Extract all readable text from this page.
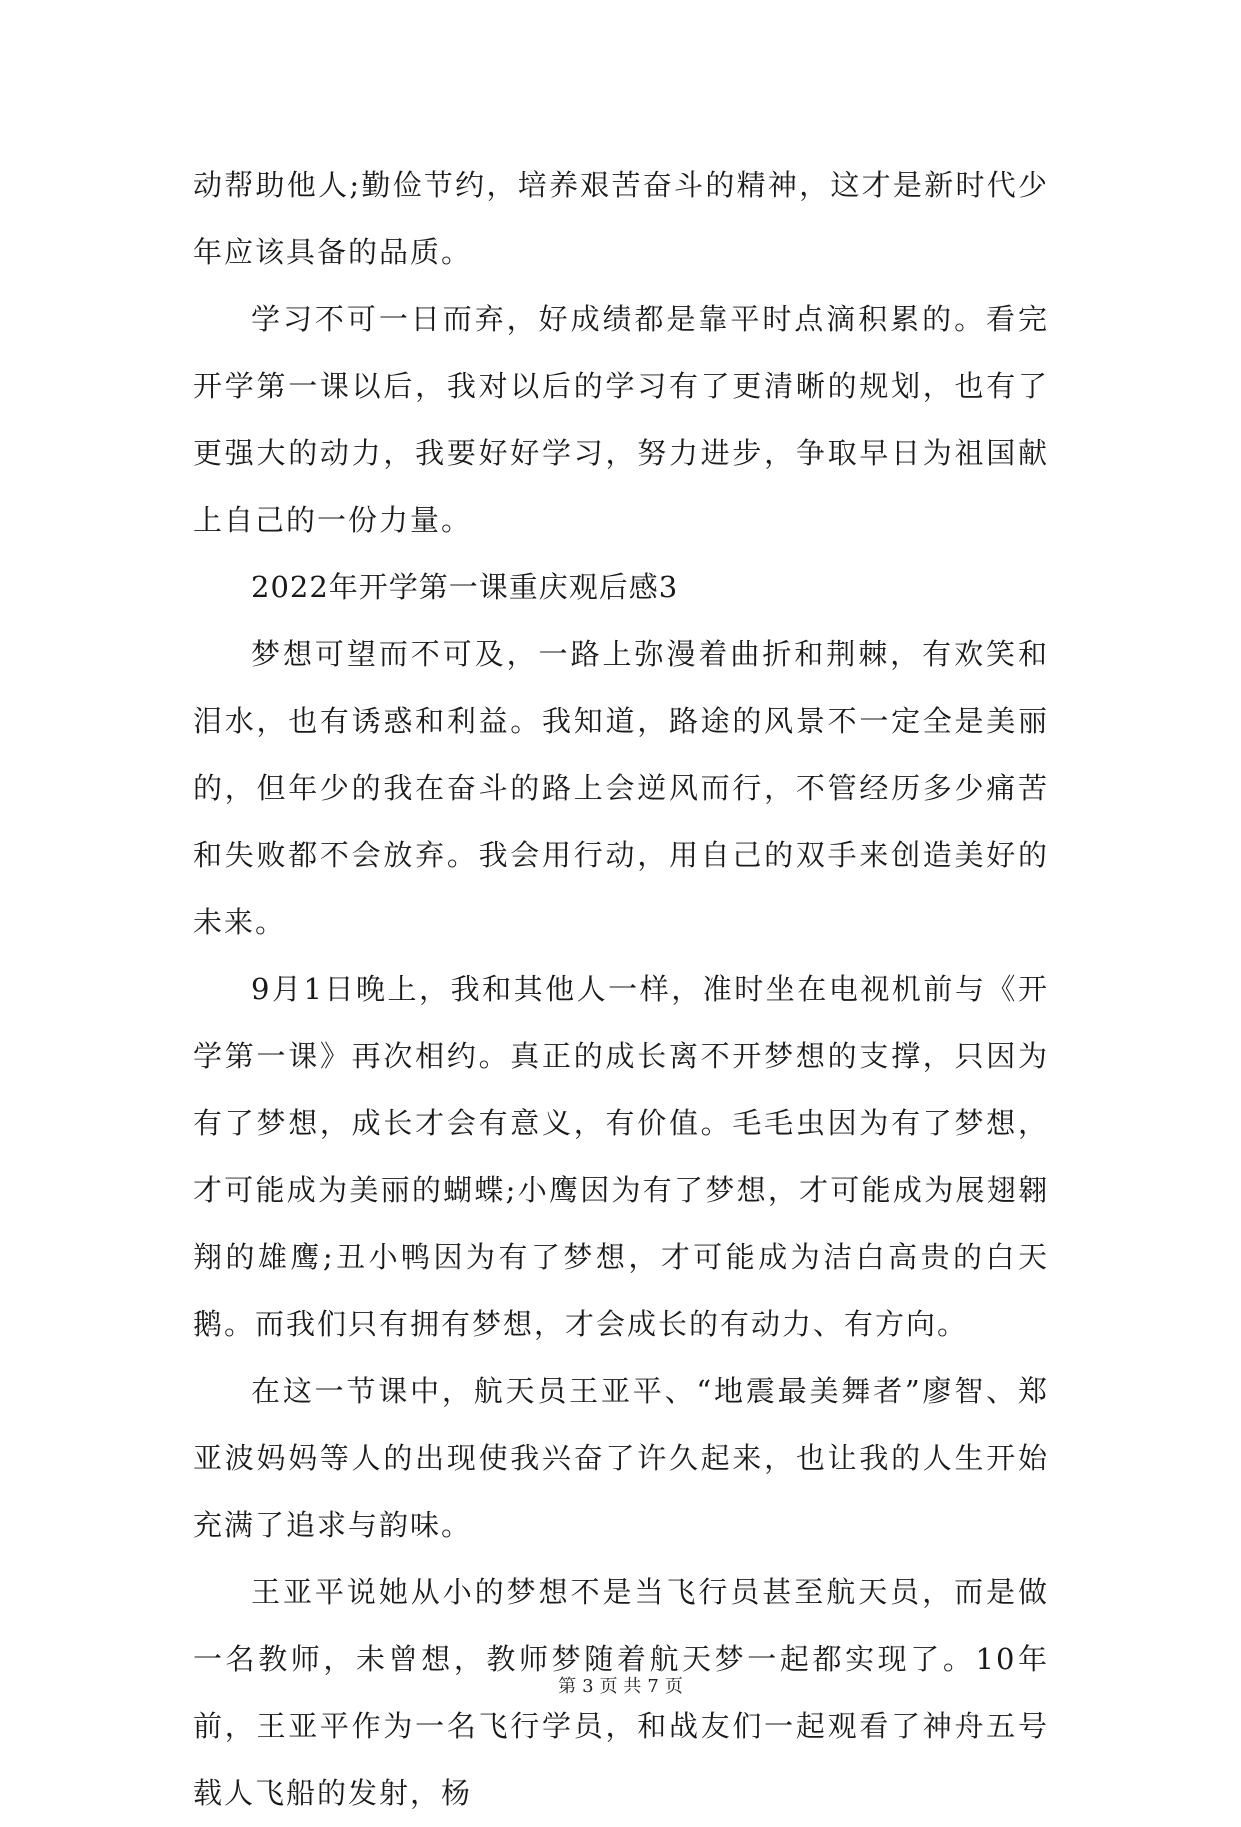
动帮助他人;勤俭节约，培养艰苦奋斗的精神，这才是新时代少年应该具备的品质。

学习不可一日而弃，好成绩都是靠平时点滴积累的。看完开学第一课以后，我对以后的学习有了更清晰的规划，也有了更强大的动力，我要好好学习，努力进步，争取早日为祖国献上自己的一份力量。

2022年开学第一课重庆观后感3

梦想可望而不可及，一路上弥漫着曲折和荆棘，有欢笑和泪水，也有诱惑和利益。我知道，路途的风景不一定全是美丽的，但年少的我在奋斗的路上会逆风而行，不管经历多少痛苦和失败都不会放弃。我会用行动，用自己的双手来创造美好的未来。

9月1日晚上，我和其他人一样，准时坐在电视机前与《开学第一课》再次相约。真正的成长离不开梦想的支撑，只因为有了梦想，成长才会有意义，有价值。毛毛虫因为有了梦想，才可能成为美丽的蝴蝶;小鹰因为有了梦想，才可能成为展翅翱翔的雄鹰;丑小鸭因为有了梦想，才可能成为洁白高贵的白天鹅。而我们只有拥有梦想，才会成长的有动力、有方向。

在这一节课中，航天员王亚平、“地震最美舞者”廖智、郑亚波妈妈等人的出现使我兴奋了许久起来，也让我的人生开始充满了追求与韵味。

王亚平说她从小的梦想不是当飞行员甚至航天员，而是做一名教师，未曾想，教师梦随着航天梦一起都实现了。10年前，王亚平作为一名飞行学员，和战友们一起观看了神舟五号载人飞船的发射，杨

第 3 页 共 7 页
